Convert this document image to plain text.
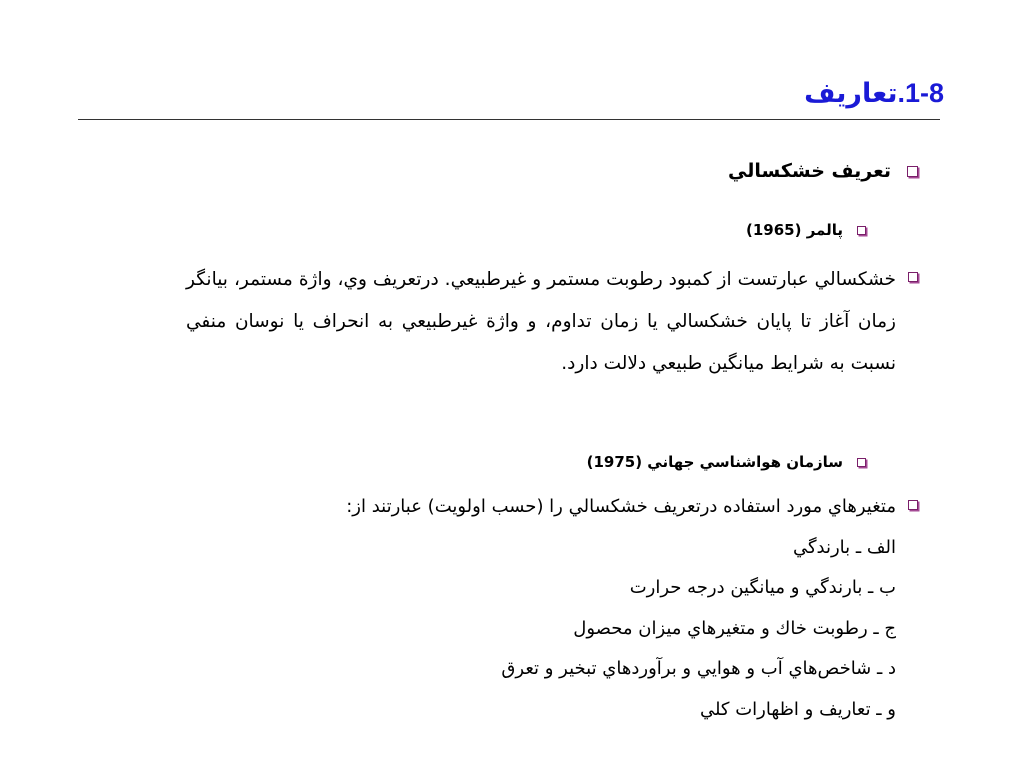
1-8.تعاريف
تعريف خشكسالي
پالمر (1965)
خشكسالي عبارتست از كمبود رطوبت مستمر و غيرطبيعي. درتعريف وي، واژة مستمر، بيانگر زمان آغاز تا پايان خشكسالي يا زمان تداوم، و واژة غيرطبيعي به انحراف يا نوسان منفي نسبت به شرايط ميانگين طبيعي دلالت دارد.
سازمان هواشناسي جهاني (1975)
متغيرهاي مورد استفاده درتعريف خشكسالي را (حسب اولويت) عبارتند از:
الف ـ بارندگي
ب ـ بارندگي و ميانگين درجه حرارت
ج ـ رطوبت خاك و متغيرهاي ميزان محصول
د ـ شاخص‌هاي آب و هوايي و برآوردهاي تبخير و تعرق
و ـ تعاريف و اظهارات كلي
